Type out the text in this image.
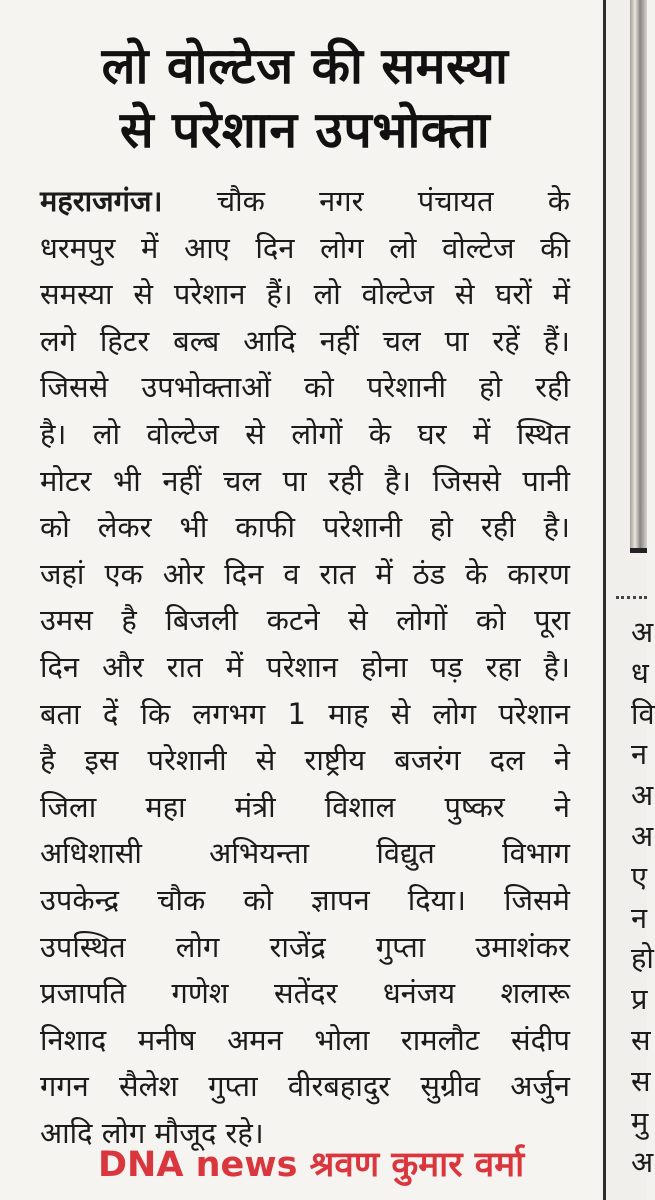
लो वोल्टेज की समस्या
से परेशान उपभोक्ता
महराजगंज। चौक नगर पंचायत के
धरमपुर में आए दिन लोग लो वोल्टेज की
समस्या से परेशान हैं। लो वोल्टेज से घरों में
लगे हिटर बल्ब आदि नहीं चल पा रहें हैं।
जिससे उपभोक्ताओं को परेशानी हो रही
है। लो वोल्टेज से लोगों के घर में स्थित
मोटर भी नहीं चल पा रही है। जिससे पानी
को लेकर भी काफी परेशानी हो रही है।
जहां एक ओर दिन व रात में ठंड के कारण
उमस है बिजली कटने से लोगों को पूरा
दिन और रात में परेशान होना पड़ रहा है।
बता दें कि लगभग 1 माह से लोग परेशान
है इस परेशानी से राष्ट्रीय बजरंग दल ने
जिला महा मंत्री विशाल पुष्कर ने
अधिशासी अभियन्ता विद्युत विभाग
उपकेन्द्र चौक को ज्ञापन दिया। जिसमे
उपस्थित लोग राजेंद्र गुप्ता उमाशंकर
प्रजापति गणेश सतेंदर धनंजय शलारू
निशाद मनीष अमन भोला रामलौट संदीप
गगन सैलेश गुप्ता वीरबहादुर सुग्रीव अर्जुन
आदि लोग मौजूद रहे।
DNA news श्रवण कुमार वर्मा
अ
ध
वि
न
अ
अ
ए
न
हो
प्र
स
स
मु
अ
